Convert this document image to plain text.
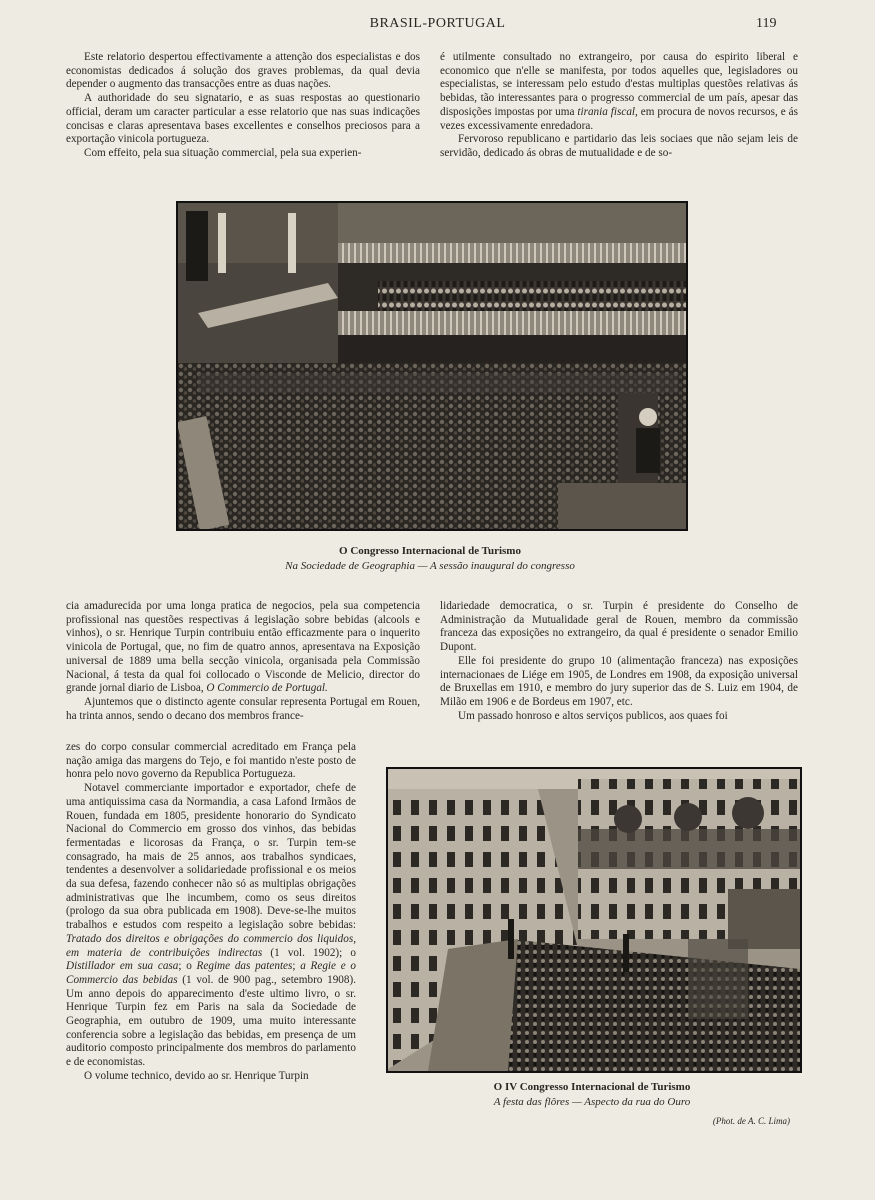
BRASIL-PORTUGAL	119

Este relatorio despertou effectivamente a attenção dos especialistas e dos economistas dedicados á solução dos graves problemas, da qual devia depender o augmento das transacções entre as duas nações.

A authoridade do seu signatario, e as suas respostas ao questionario official, deram um caracter particular a esse relatorio que nas suas indicações concisas e claras apresentava bases excellentes e conselhos preciosos para a exportação vinicola portugueza.

Com effeito, pela sua situação commercial, pela sua experien-

é utilmente consultado no extrangeiro, por causa do espirito liberal e economico que n'elle se manifesta, por todos aquelles que, legisladores ou especialistas, se interessam pelo estudo d'estas multiplas questões relativas ás bebidas, tão interessantes para o progresso commercial de um país, apesar das disposições impostas por uma tirania fiscal, em procura de novos recursos, e ás vezes excessivamente enredadora.

Fervoroso republicano e partidario das leis sociaes que não sejam leis de servidão, dedicado ás obras de mutualidade e de so-

O Congresso Internacional de Turismo
Na Sociedade de Geographia — A sessão inaugural do congresso

cia amadurecida por uma longa pratica de negocios, pela sua competencia profissional nas questões respectivas á legislação sobre bebidas (alcools e vinhos), o sr. Henrique Turpin contribuiu então efficazmente para o inquerito vinicola de Portugal, que, no fim de quatro annos, apresentava na Exposição universal de 1889 uma bella secção vinicola, organisada pela Commissão Nacional, á testa da qual foi collocado o Visconde de Melicio, director do grande jornal diario de Lisboa, O Commercio de Portugal.

Ajuntemos que o distincto agente consular representa Portugal em Rouen, ha trinta annos, sendo o decano dos membros france-

lidariedade democratica, o sr. Turpin é presidente do Conselho de Administração da Mutualidade geral de Rouen, membro da commissão franceza das exposições no extrangeiro, da qual é presidente o senador Emilio Dupont.

Elle foi presidente do grupo 10 (alimentação franceza) nas exposições internacionaes de Liége em 1905, de Londres em 1908, da exposição universal de Bruxellas em 1910, e membro do jury superior das de S. Luiz em 1904, de Milão em 1906 e de Bordeus em 1907, etc.

Um passado honroso e altos serviços publicos, aos quaes foi

zes do corpo consular commercial acreditado em França pela nação amiga das margens do Tejo, e foi mantido n'este posto de honra pelo novo governo da Republica Portugueza.

Notavel commerciante importador e exportador, chefe de uma antiquissima casa da Normandia, a casa Lafond Irmãos de Rouen, fundada em 1805, presidente honorario do Syndicato Nacional do Commercio em grosso dos vinhos, das bebidas fermentadas e licorosas da França, o sr. Turpin tem-se consagrado, ha mais de 25 annos, aos trabalhos syndicaes, tendentes a desenvolver a solidariedade profissional e os meios da sua defesa, fazendo conhecer não só as multiplas obrigações administrativas que lhe incumbem, como os seus direitos (prologo da sua obra publicada em 1908). Deve-se-lhe muitos trabalhos e estudos com respeito a legislação sobre bebidas: Tratado dos direitos e obrigações do commercio dos liquidos, em materia de contribuições indirectas (1 vol. 1902); o Distillador em sua casa; o Regime das patentes; a Regie e o Commercio das bebidas (1 vol. de 900 pag., setembro 1908). Um anno depois do apparecimento d'este ultimo livro, o sr. Henrique Turpin fez em Paris na sala da Sociedade de Geographia, em outubro de 1909, uma muito interessante conferencia sobre a legislação das bebidas, em presença de um auditorio composto principalmente dos membros do parlamento e de economistas.

O volume technico, devido ao sr. Henrique Turpin

O IV Congresso Internacional de Turismo
A festa das flôres — Aspecto da rua do Ouro
(Phot. de A. C. Lima)
